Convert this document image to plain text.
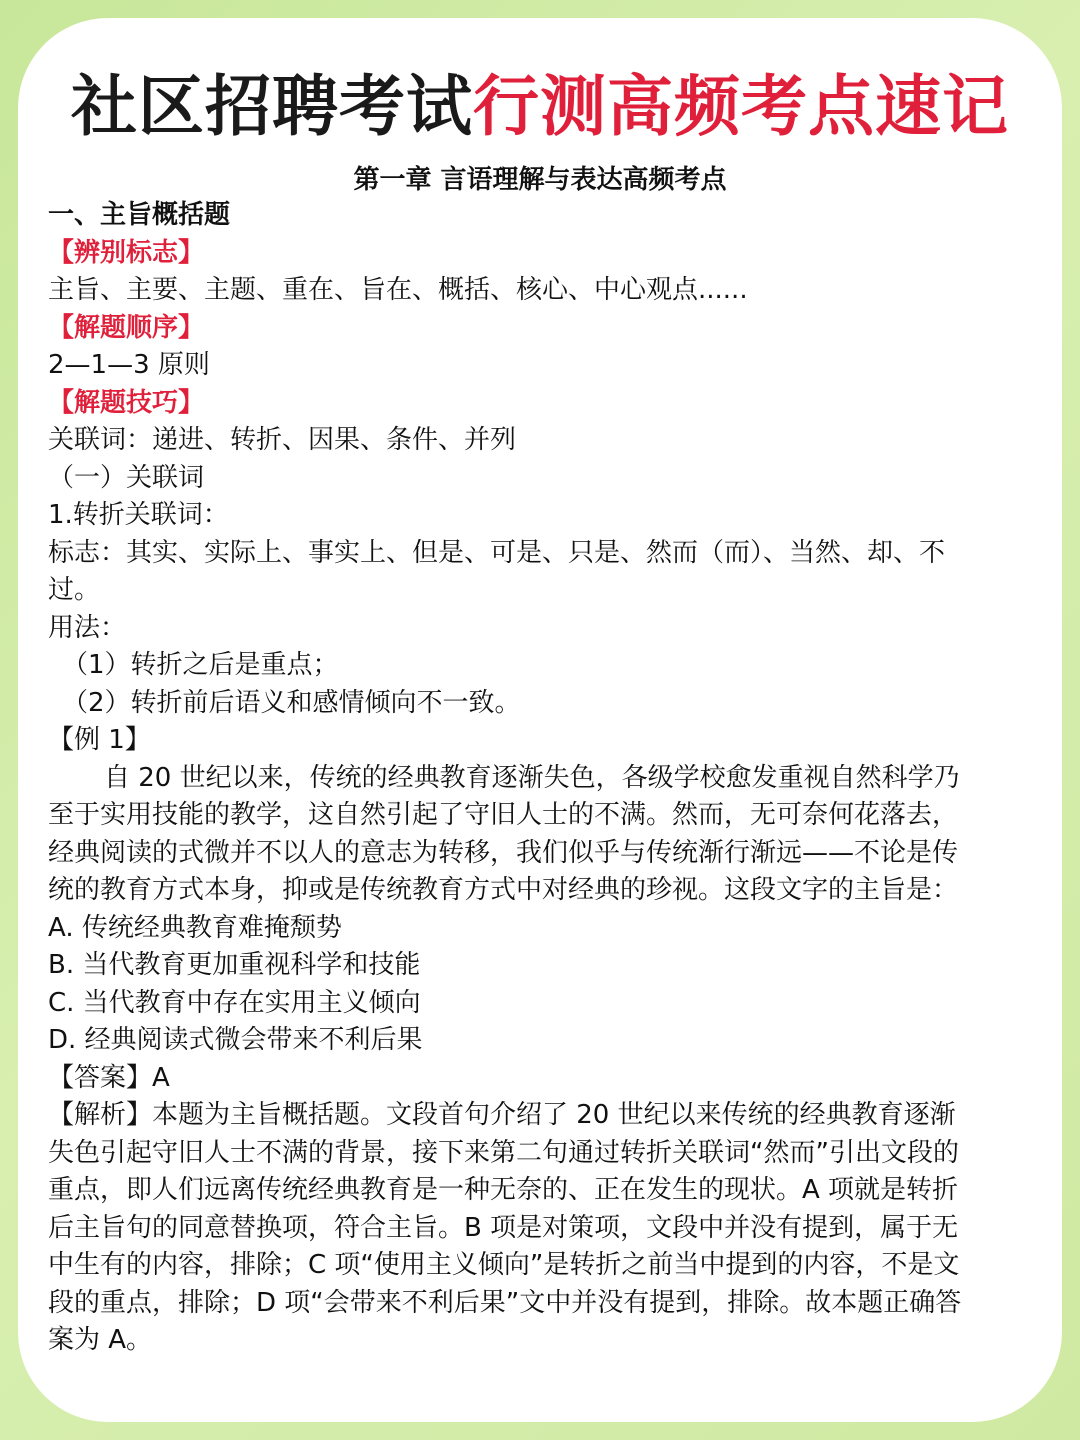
社区招聘考试行测高频考点速记
第一章 言语理解与表达高频考点
一、主旨概括题
【辨别标志】
主旨、主要、主题、重在、旨在、概括、核心、中心观点......
【解题顺序】
2—1—3 原则
【解题技巧】
关联词：递进、转折、因果、条件、并列
（一）关联词
1.转折关联词：
标志：其实、实际上、事实上、但是、可是、只是、然而（而）、当然、却、不
过。
用法：
（1）转折之后是重点；
（2）转折前后语义和感情倾向不一致。
【例 1】
自 20 世纪以来，传统的经典教育逐渐失色，各级学校愈发重视自然科学乃
至于实用技能的教学，这自然引起了守旧人士的不满。然而，无可奈何花落去，
经典阅读的式微并不以人的意志为转移，我们似乎与传统渐行渐远——不论是传
统的教育方式本身，抑或是传统教育方式中对经典的珍视。这段文字的主旨是：
A. 传统经典教育难掩颓势
B. 当代教育更加重视科学和技能
C. 当代教育中存在实用主义倾向
D. 经典阅读式微会带来不利后果
【答案】A
【解析】本题为主旨概括题。文段首句介绍了 20 世纪以来传统的经典教育逐渐
失色引起守旧人士不满的背景，接下来第二句通过转折关联词“然而”引出文段的
重点，即人们远离传统经典教育是一种无奈的、正在发生的现状。A 项就是转折
后主旨句的同意替换项，符合主旨。B 项是对策项，文段中并没有提到，属于无
中生有的内容，排除；C 项“使用主义倾向”是转折之前当中提到的内容，不是文
段的重点，排除；D 项“会带来不利后果”文中并没有提到，排除。故本题正确答
案为 A。
